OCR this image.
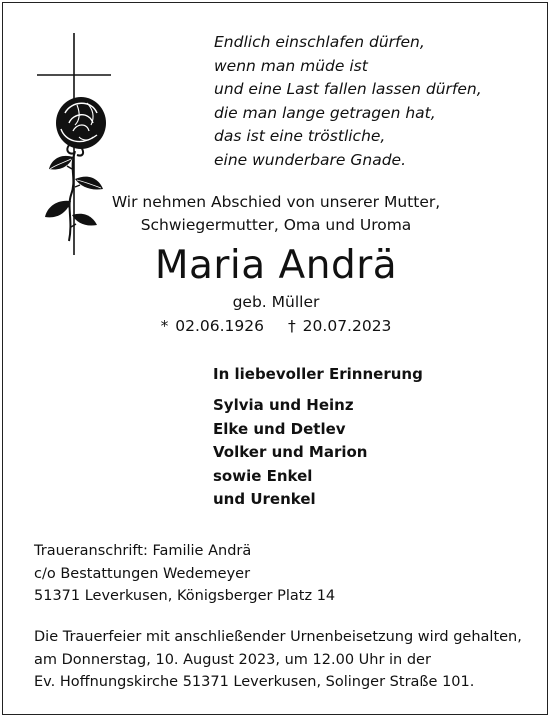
Endlich einschlafen dürfen,
wenn man müde ist
und eine Last fallen lassen dürfen,
die man lange getragen hat,
das ist eine tröstliche,
eine wunderbare Gnade.
Wir nehmen Abschied von unserer Mutter,
Schwiegermutter, Oma und Uroma
Maria Andrä
geb. Müller
* 02.06.1926 † 20.07.2023
In liebevoller Erinnerung
Sylvia und Heinz
Elke und Detlev
Volker und Marion
sowie Enkel
und Urenkel
Traueranschrift: Familie Andrä
c/o Bestattungen Wedemeyer
51371 Leverkusen, Königsberger Platz 14
Die Trauerfeier mit anschließender Urnenbeisetzung wird gehalten,
am Donnerstag, 10. August 2023, um 12.00 Uhr in der
Ev. Hoffnungskirche 51371 Leverkusen, Solinger Straße 101.
